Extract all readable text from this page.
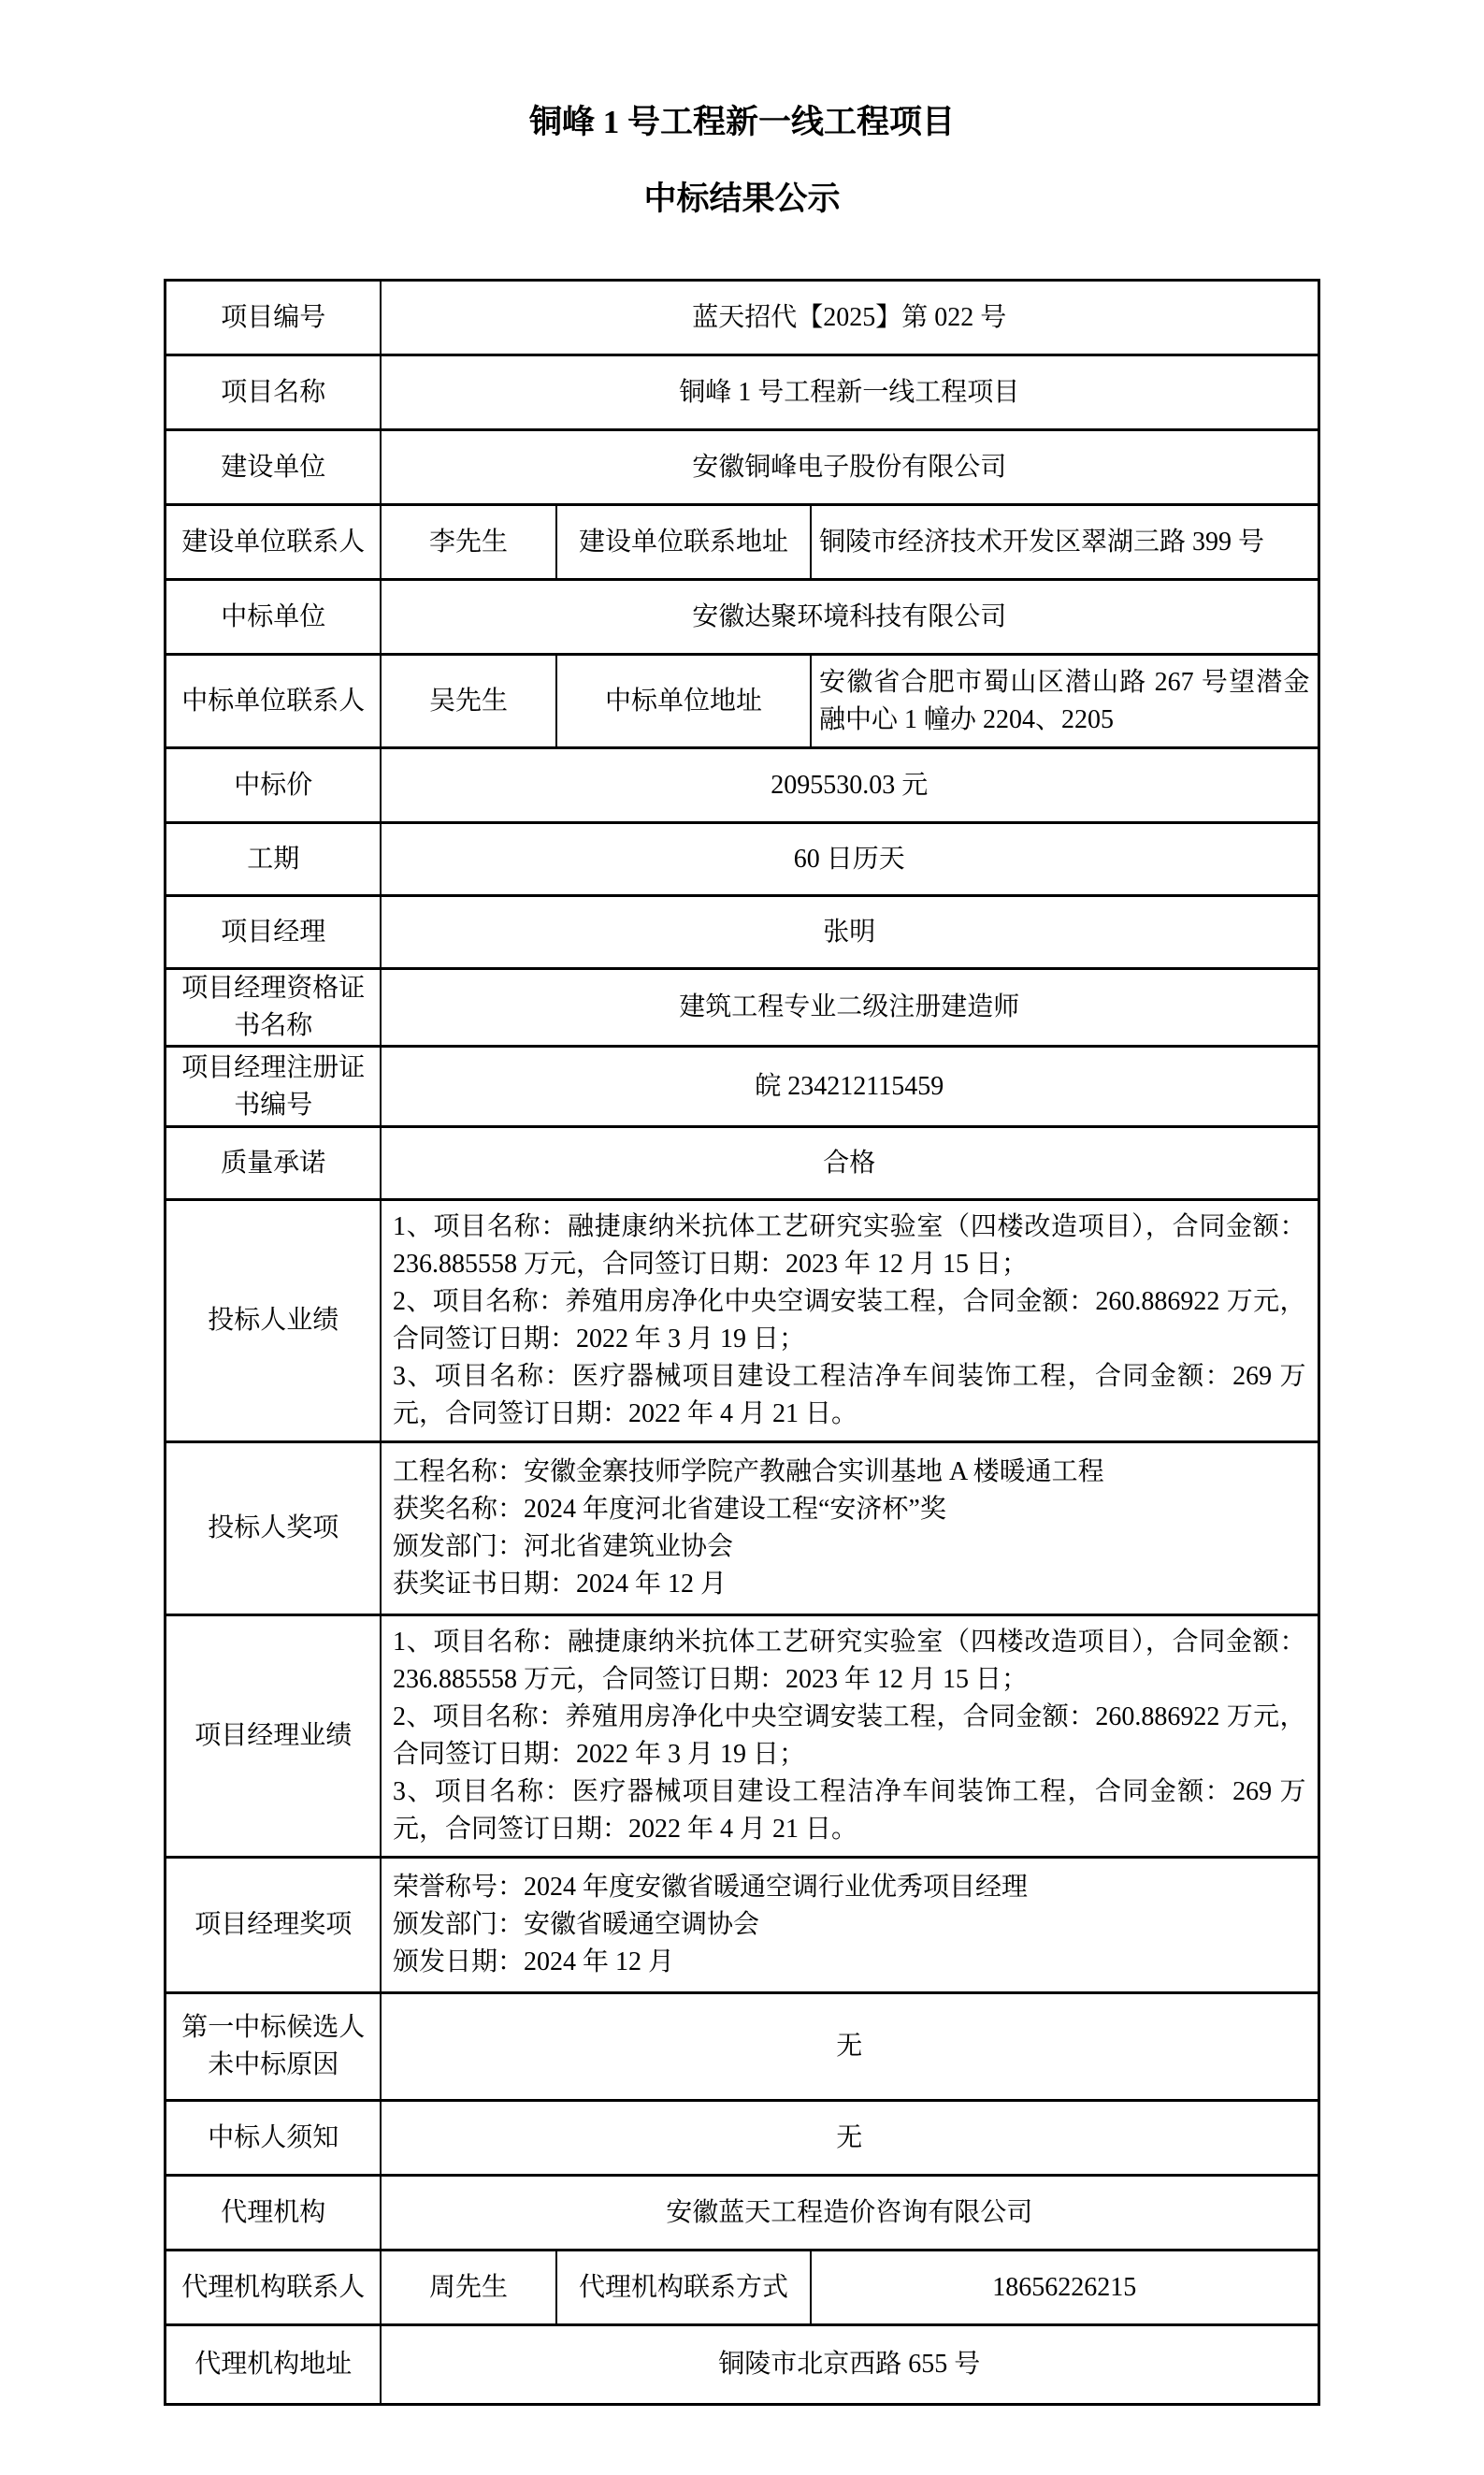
铜峰 1 号工程新一线工程项目
中标结果公示
项目编号	蓝天招代【2025】第 022 号		
项目名称	铜峰 1 号工程新一线工程项目		
建设单位	安徽铜峰电子股份有限公司		
建设单位联系人	李先生	建设单位联系地址	铜陵市经济技术开发区翠湖三路 399 号
中标单位	安徽达聚环境科技有限公司		
中标单位联系人	吴先生	中标单位地址	安徽省合肥市蜀山区潜山路 267 号望潜金融中心 1 幢办 2204、2205
中标价	2095530.03 元		
工期	60 日历天		
项目经理	张明		
项目经理资格证书名称	建筑工程专业二级注册建造师		
项目经理注册证书编号	皖 234212115459		
质量承诺	合格		
投标人业绩	1、项目名称：融捷康纳米抗体工艺研究实验室（四楼改造项目），合同金额：236.885558 万元，合同签订日期：2023 年 12 月 15 日；
2、项目名称：养殖用房净化中央空调安装工程，合同金额：260.886922 万元，合同签订日期：2022 年 3 月 19 日；
3、项目名称：医疗器械项目建设工程洁净车间装饰工程，合同金额：269 万元，合同签订日期：2022 年 4 月 21 日。		

投标人奖项	工程名称：安徽金寨技师学院产教融合实训基地 A 楼暖通工程
获奖名称：2024 年度河北省建设工程“安济杯”奖
颁发部门：河北省建筑业协会
获奖证书日期：2024 年 12 月		

项目经理业绩	1、项目名称：融捷康纳米抗体工艺研究实验室（四楼改造项目），合同金额：236.885558 万元，合同签订日期：2023 年 12 月 15 日；
2、项目名称：养殖用房净化中央空调安装工程，合同金额：260.886922 万元，合同签订日期：2022 年 3 月 19 日；
3、项目名称：医疗器械项目建设工程洁净车间装饰工程，合同金额：269 万元，合同签订日期：2022 年 4 月 21 日。		

项目经理奖项	荣誉称号：2024 年度安徽省暖通空调行业优秀项目经理
颁发部门：安徽省暖通空调协会
颁发日期：2024 年 12 月		

第一中标候选人未中标原因	无		
中标人须知	无		
代理机构	安徽蓝天工程造价咨询有限公司		
代理机构联系人	周先生	代理机构联系方式	18656226215
代理机构地址	铜陵市北京西路 655 号		
